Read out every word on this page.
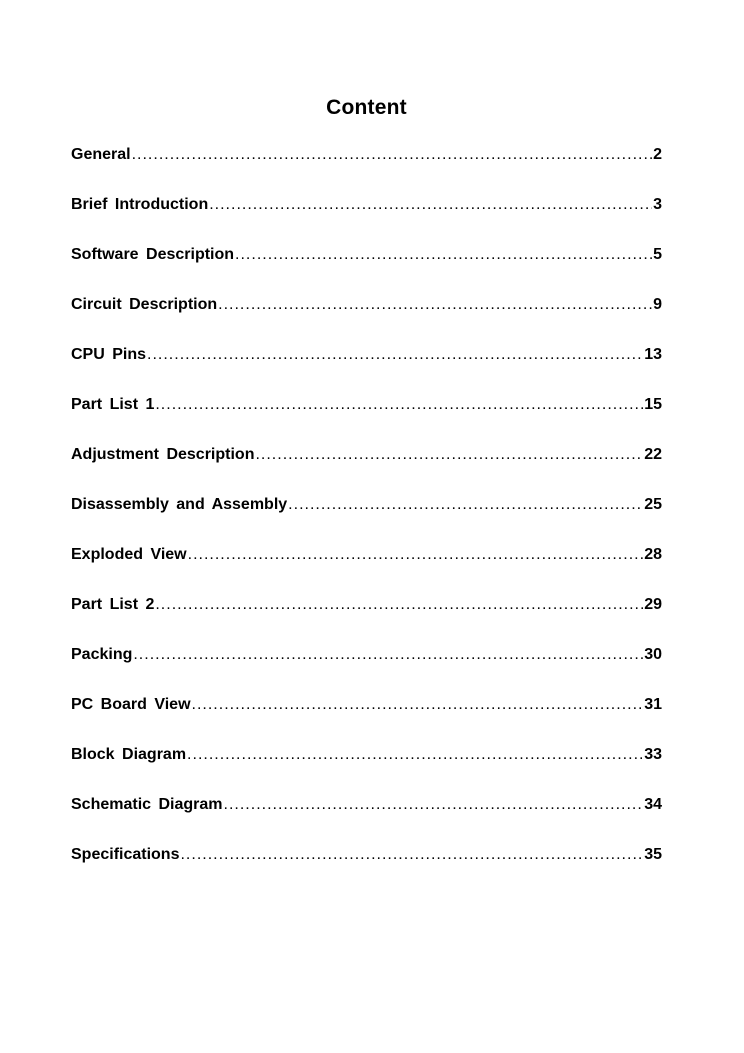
Content
General .....	2
Brief Introduction .....	3
Software Description .....	5
Circuit Description .....	9
CPU Pins .....	13
Part List 1 .....	15
Adjustment Description .....	22
Disassembly and Assembly .....	25
Exploded View .....	28
Part List 2 .....	29
Packing .....	30
PC Board View .....	31
Block Diagram .....	33
Schematic Diagram .....	34
Specifications .....	35
